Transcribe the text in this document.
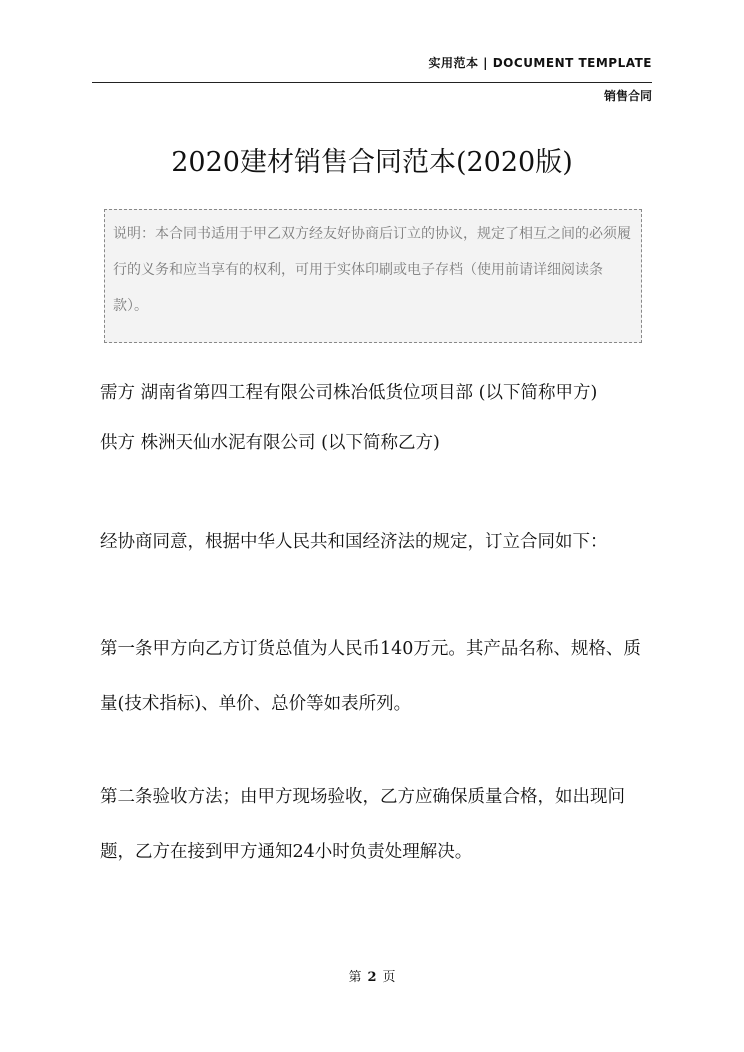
实用范本 | DOCUMENT TEMPLATE
销售合同
2020建材销售合同范本(2020版)
说明：本合同书适用于甲乙双方经友好协商后订立的协议，规定了相互之间的必须履行的义务和应当享有的权利，可用于实体印刷或电子存档（使用前请详细阅读条款）。
需方 湖南省第四工程有限公司株冶低货位项目部 (以下简称甲方)
供方 株洲天仙水泥有限公司 (以下简称乙方)
经协商同意，根据中华人民共和国经济法的规定，订立合同如下：
第一条甲方向乙方订货总值为人民币140万元。其产品名称、规格、质量(技术指标)、单价、总价等如表所列。
第二条验收方法；由甲方现场验收，乙方应确保质量合格，如出现问题，乙方在接到甲方通知24小时负责处理解决。
第 2 页
